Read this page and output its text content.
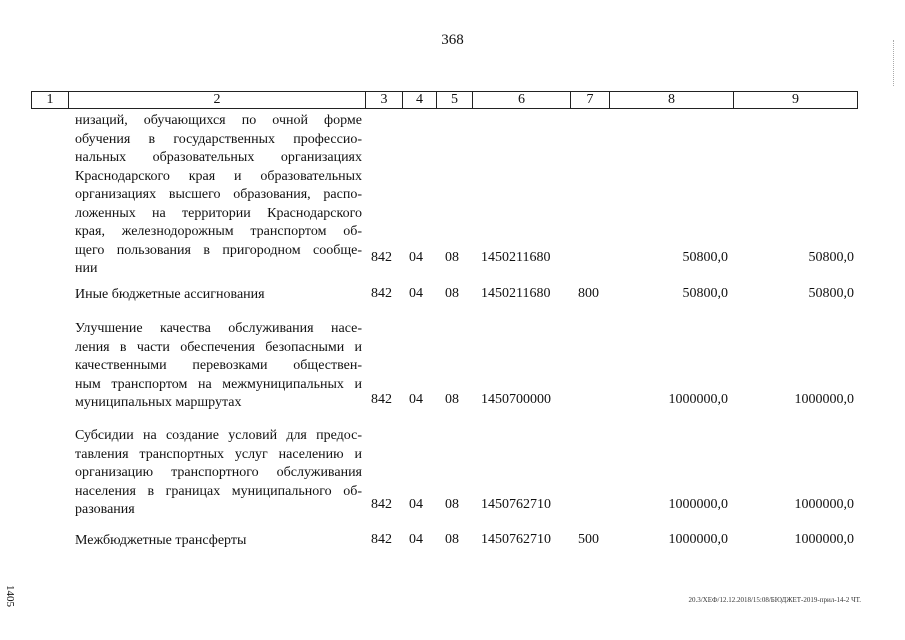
368
1	2	3	4	5	6	7	8	9
низаций, обучающихся по очной форме
обучения в государственных профессио-
нальных образовательных организациях
Краснодарского края и образовательных
организациях высшего образования, распо-
ложенных на территории Краснодарского
края, железнодорожным транспортом об-
щего пользования в пригородном сообще-
нии
842 04 08 1450211680	50800,0	50800,0
Иные бюджетные ассигнования	842 04 08 1450211680 800	50800,0	50800,0
Улучшение качества обслуживания насе-
ления в части обеспечения безопасными и
качественными перевозками обществен-
ным транспортом на межмуниципальных и
муниципальных маршрутах	842 04 08 1450700000	1000000,0	1000000,0
Субсидии на создание условий для предос-
тавления транспортных услуг населению и
организацию транспортного обслуживания
населения в границах муниципального об-
разования	842 04 08 1450762710	1000000,0	1000000,0
Межбюджетные трансферты	842 04 08 1450762710 500	1000000,0	1000000,0
20.3/ХЕФ/12.12.2018/15:08/БЮДЖЕТ-2019-прил-14-2 ЧТ.
1405
